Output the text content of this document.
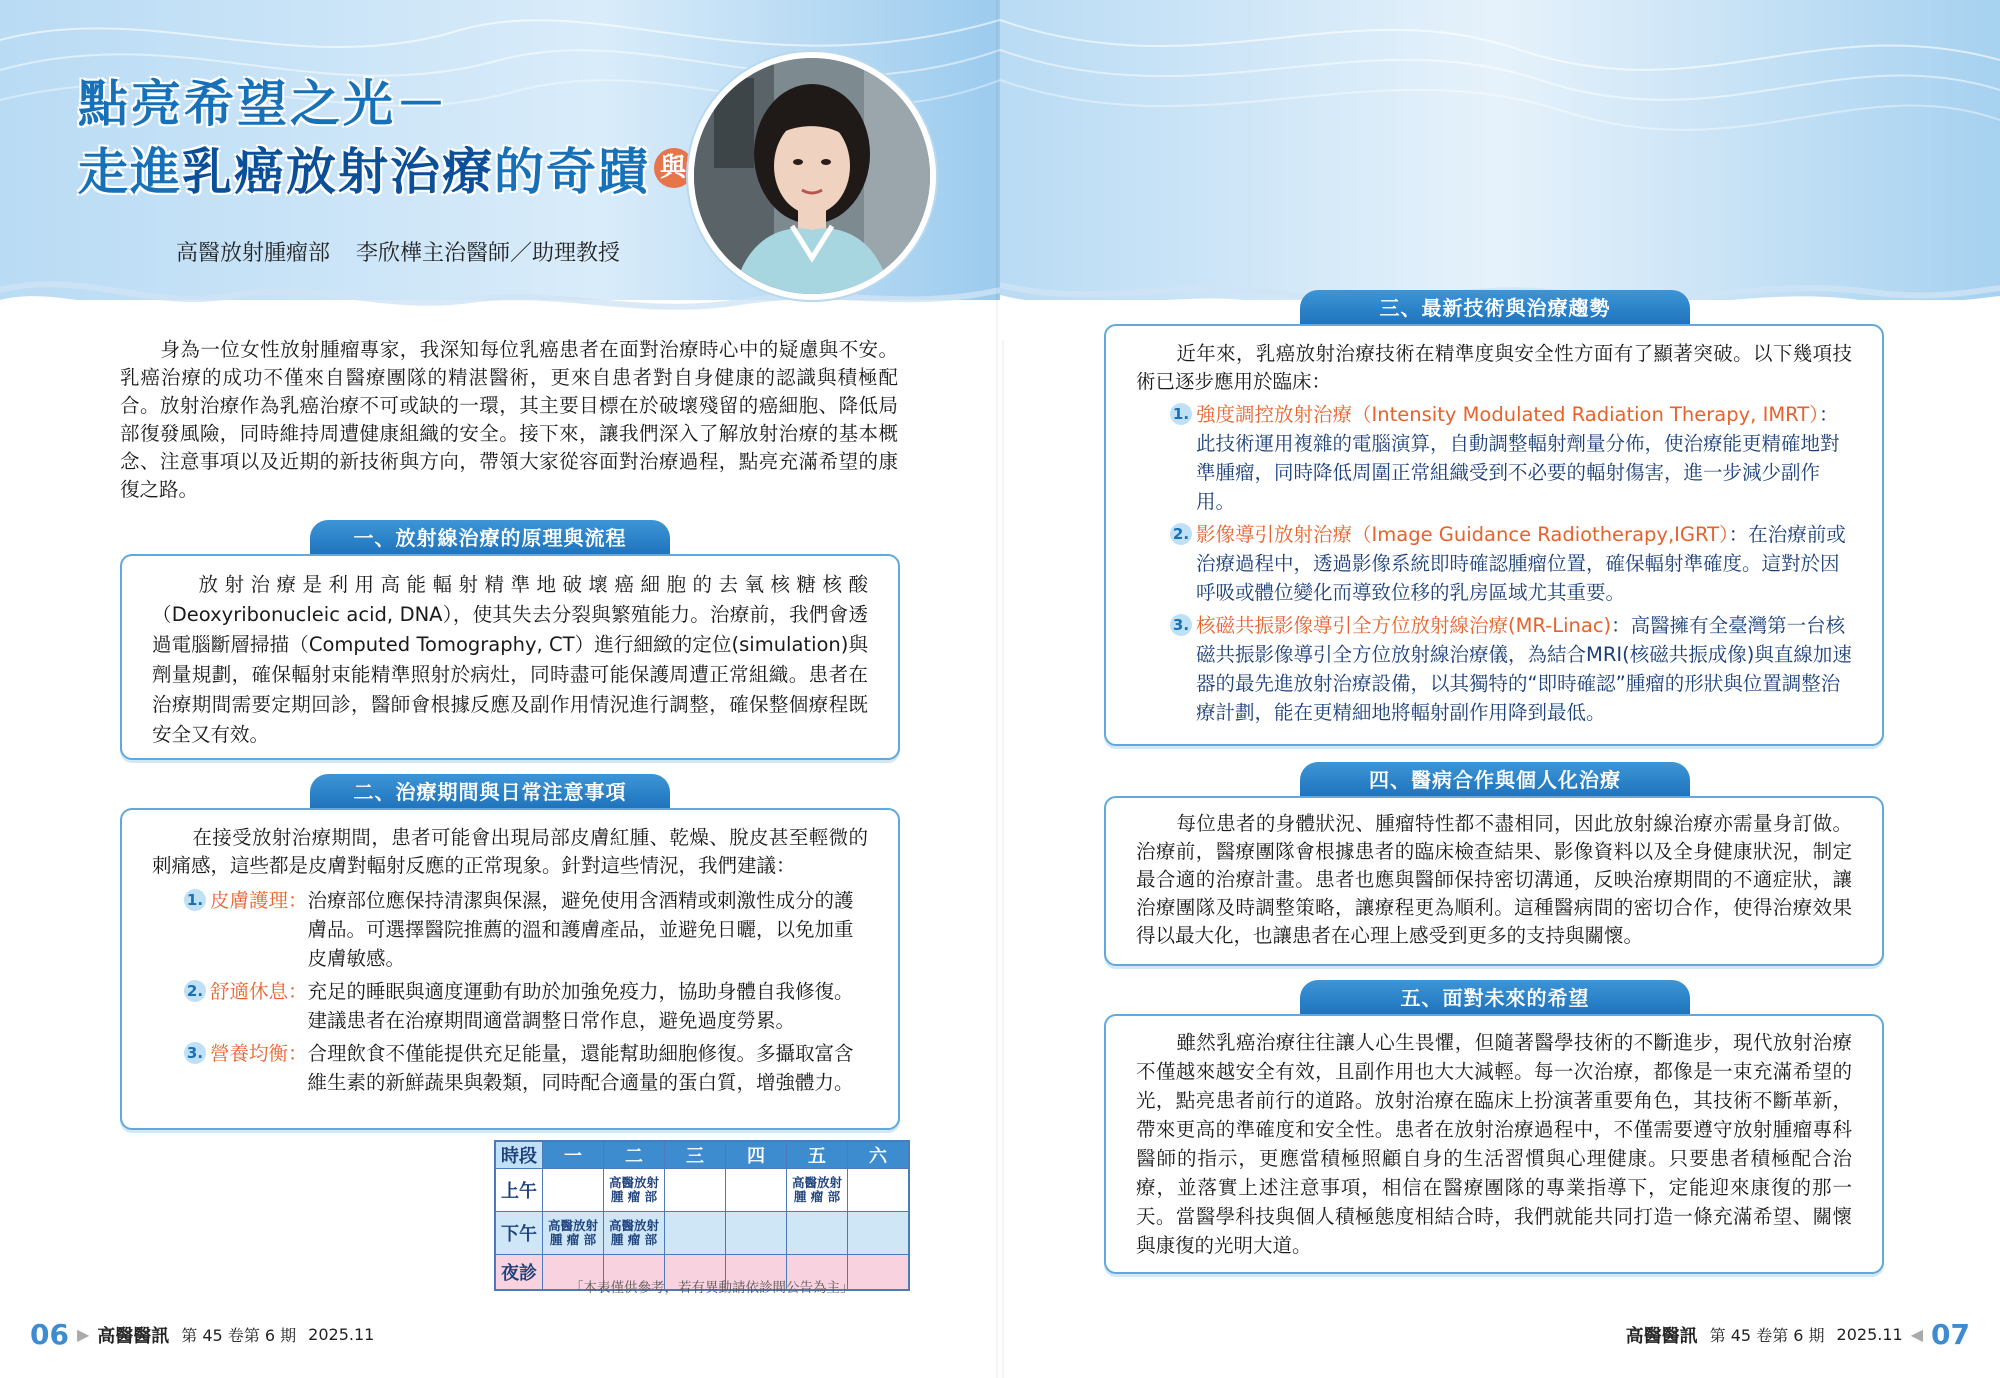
點亮希望之光－
走進 乳癌放射治療 的奇蹟 與
高醫放射腫瘤部 李欣樺主治醫師／助理教授
身為一位女性放射腫瘤專家，我深知每位乳癌患者在面對治療時心中的疑慮與不安。乳癌治療的成功不僅來自醫療團隊的精湛醫術，更來自患者對自身健康的認識與積極配合。放射治療作為乳癌治療不可或缺的一環，其主要目標在於破壞殘留的癌細胞、降低局部復發風險，同時維持周遭健康組織的安全。接下來，讓我們深入了解放射治療的基本概念、注意事項以及近期的新技術與方向，帶領大家從容面對治療過程，點亮充滿希望的康復之路。
一、放射線治療的原理與流程
放射治療是利用高能輻射精準地破壞癌細胞的去氧核糖核酸（Deoxyribonucleic acid, DNA），使其失去分裂與繁殖能力。治療前，我們會透過電腦斷層掃描（Computed Tomography, CT）進行細緻的定位(simulation)與劑量規劃，確保輻射束能精準照射於病灶，同時盡可能保護周遭正常組織。患者在治療期間需要定期回診，醫師會根據反應及副作用情況進行調整，確保整個療程既安全又有效。
二、治療期間與日常注意事項
在接受放射治療期間，患者可能會出現局部皮膚紅腫、乾燥、脫皮甚至輕微的刺痛感，這些都是皮膚對輻射反應的正常現象。針對這些情況，我們建議：
1. 皮膚護理： 治療部位應保持清潔與保濕，避免使用含酒精或刺激性成分的護膚品。可選擇醫院推薦的溫和護膚產品，並避免日曬，以免加重皮膚敏感。
2. 舒適休息： 充足的睡眠與適度運動有助於加強免疫力，協助身體自我修復。建議患者在治療期間適當調整日常作息，避免過度勞累。
3. 營養均衡： 合理飲食不僅能提供充足能量，還能幫助細胞修復。多攝取富含維生素的新鮮蔬果與穀類，同時配合適量的蛋白質，增強體力。
時段	一	二	三	四	五	六
上午		高醫放射腫 瘤 部			高醫放射腫 瘤 部	
下午	高醫放射腫 瘤 部	高醫放射腫 瘤 部				
夜診						
「本表僅供參考，若有異動請依診間公告為主」
06 ▶ 高醫醫訊 第 45 卷第 6 期 2025.11
三、最新技術與治療趨勢
近年來，乳癌放射治療技術在精準度與安全性方面有了顯著突破。以下幾項技術已逐步應用於臨床：
1. 強度調控放射治療（Intensity Modulated Radiation Therapy, IMRT）：此技術運用複雜的電腦演算，自動調整輻射劑量分佈，使治療能更精確地對準腫瘤，同時降低周圍正常組織受到不必要的輻射傷害，進一步減少副作用。
2. 影像導引放射治療（Image Guidance Radiotherapy,IGRT）：在治療前或治療過程中，透過影像系統即時確認腫瘤位置，確保輻射準確度。這對於因呼吸或體位變化而導致位移的乳房區域尤其重要。
3. 核磁共振影像導引全方位放射線治療(MR-Linac)：高醫擁有全臺灣第一台核磁共振影像導引全方位放射線治療儀，為結合MRI(核磁共振成像)與直線加速器的最先進放射治療設備，以其獨特的“即時確認”腫瘤的形狀與位置調整治療計劃，能在更精細地將輻射副作用降到最低。
四、醫病合作與個人化治療
每位患者的身體狀況、腫瘤特性都不盡相同，因此放射線治療亦需量身訂做。治療前，醫療團隊會根據患者的臨床檢查結果、影像資料以及全身健康狀況，制定最合適的治療計畫。患者也應與醫師保持密切溝通，反映治療期間的不適症狀，讓治療團隊及時調整策略，讓療程更為順利。這種醫病間的密切合作，使得治療效果得以最大化，也讓患者在心理上感受到更多的支持與關懷。
五、面對未來的希望
雖然乳癌治療往往讓人心生畏懼，但隨著醫學技術的不斷進步，現代放射治療不僅越來越安全有效，且副作用也大大減輕。每一次治療，都像是一束充滿希望的光，點亮患者前行的道路。放射治療在臨床上扮演著重要角色，其技術不斷革新，帶來更高的準確度和安全性。患者在放射治療過程中，不僅需要遵守放射腫瘤專科醫師的指示，更應當積極照顧自身的生活習慣與心理健康。只要患者積極配合治療，並落實上述注意事項，相信在醫療團隊的專業指導下，定能迎來康復的那一天。當醫學科技與個人積極態度相結合時，我們就能共同打造一條充滿希望、關懷與康復的光明大道。
高醫醫訊 第 45 卷第 6 期 2025.11 ◀ 07
